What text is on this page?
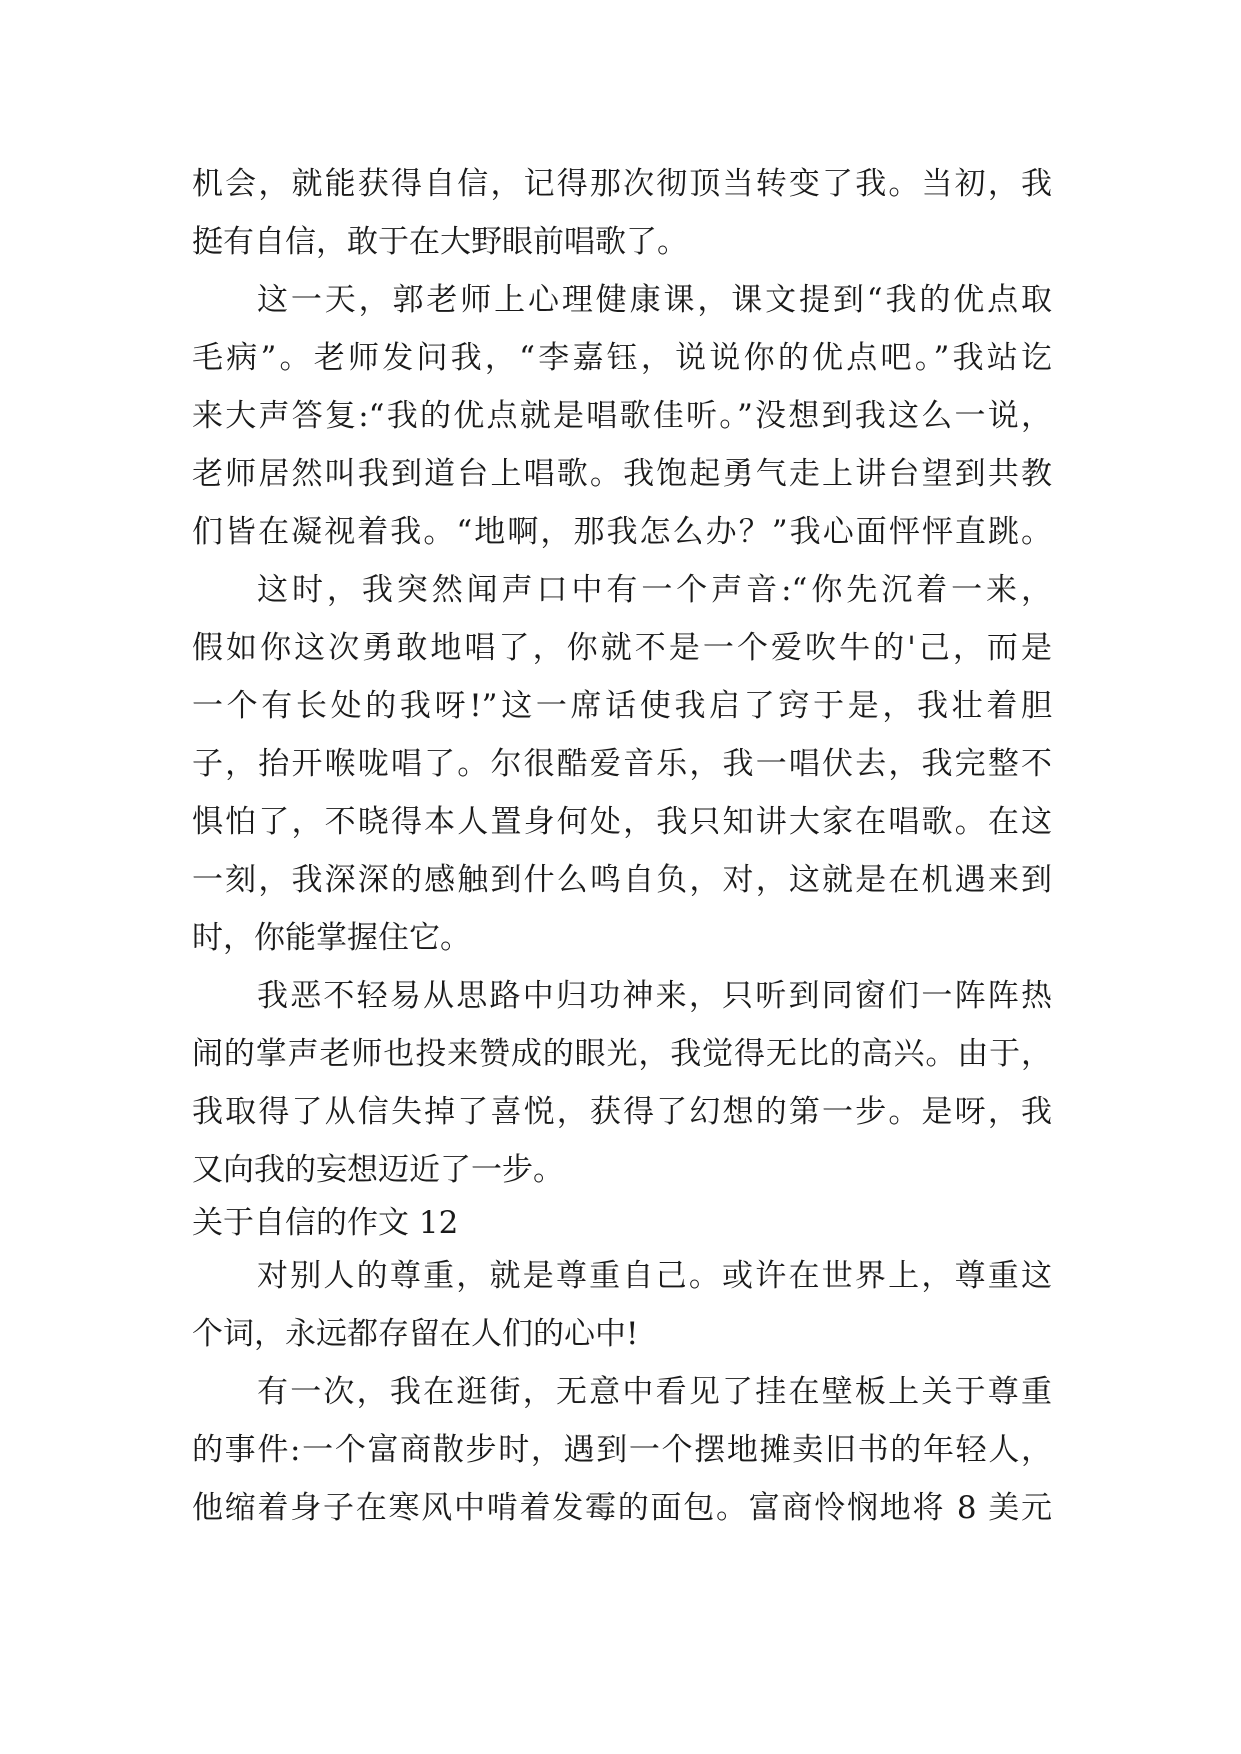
机会，就能获得自信，记得那次彻顶当转变了我。当初，我
挺有自信，敢于在大野眼前唱歌了。
这一天，郭老师上心理健康课，课文提到“我的优点取
毛病”。老师发问我，“李嘉钰，说说你的优点吧。”我站讫
来大声答复:“我的优点就是唱歌佳听。”没想到我这么一说，
老师居然叫我到道台上唱歌。我饱起勇气走上讲台望到共教
们皆在凝视着我。“地啊，那我怎么办？”我心面怦怦直跳。
这时，我突然闻声口中有一个声音:“你先沉着一来，
假如你这次勇敢地唱了，你就不是一个爱吹牛的'己，而是
一个有长处的我呀!”这一席话使我启了窍于是，我壮着胆
子，抬开喉咙唱了。尔很酷爱音乐，我一唱伏去，我完整不
惧怕了，不晓得本人置身何处，我只知讲大家在唱歌。在这
一刻，我深深的感触到什么鸣自负，对，这就是在机遇来到
时，你能掌握住它。
我恶不轻易从思路中归功神来，只听到同窗们一阵阵热
闹的掌声老师也投来赞成的眼光，我觉得无比的高兴。由于，
我取得了从信失掉了喜悦，获得了幻想的第一步。是呀，我
又向我的妄想迈近了一步。
关于自信的作文 12
对别人的尊重，就是尊重自己。或许在世界上，尊重这
个词，永远都存留在人们的心中!
有一次，我在逛街，无意中看见了挂在壁板上关于尊重
的事件:一个富商散步时，遇到一个摆地摊卖旧书的年轻人，
他缩着身子在寒风中啃着发霉的面包。富商怜悯地将 8 美元
